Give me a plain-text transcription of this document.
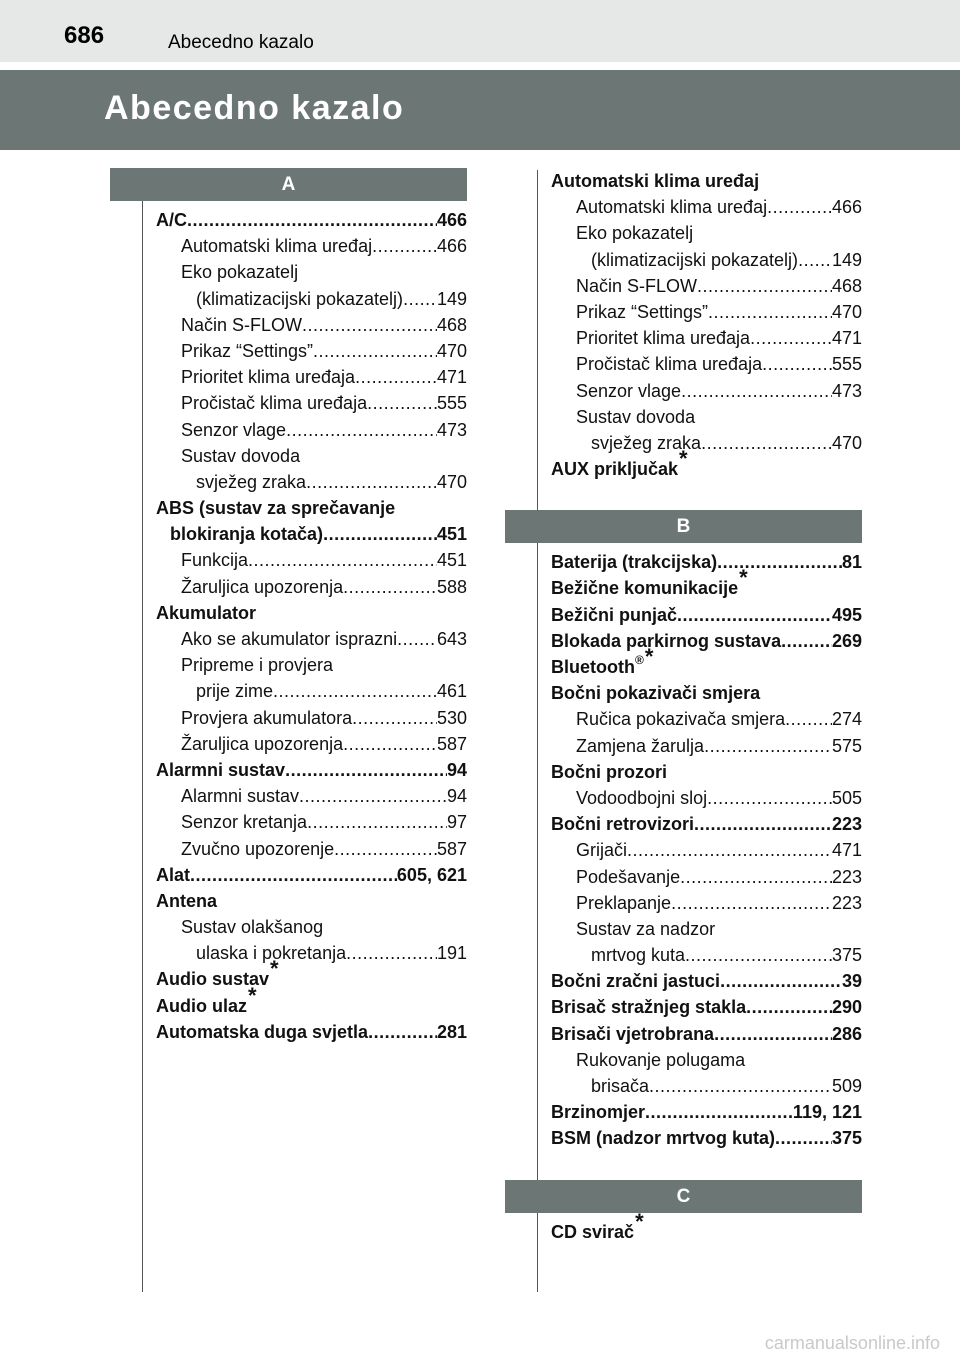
686	Abecedno kazalo
Abecedno kazalo
A
A/C .....	466
Automatski klima uređaj .....	466
Eko pokazatelj
(klimatizacijski pokazatelj) ..... 149
Način S-FLOW .....	468
Prikaz “Settings” .....	470
Prioritet klima uređaja .....	471
Pročistač klima uređaja .....	555
Senzor vlage .....	473
Sustav dovoda
svježeg zraka .....	470
ABS (sustav za sprečavanje
blokiranja kotača) .....	451
Funkcija .....	451
Žaruljica upozorenja .....	588
Akumulator
Ako se akumulator isprazni ..... 643
Pripreme i provjera
prije zime .....	461
Provjera akumulatora .....	530
Žaruljica upozorenja .....	587
Alarmni sustav .....	94
Alarmni sustav .....	94
Senzor kretanja .....	97
Zvučno upozorenje .....	587
Alat .....	605, 621
Antena
Sustav olakšanog
ulaska i pokretanja .....	191
Audio sustav*
Audio ulaz*
Automatska duga svjetla .....	281
Automatski klima uređaj
Automatski klima uređaj .....	466
Eko pokazatelj
(klimatizacijski pokazatelj) ..... 149
Način S-FLOW .....	468
Prikaz “Settings” .....	470
Prioritet klima uređaja .....	471
Pročistač klima uređaja .....	555
Senzor vlage .....	473
Sustav dovoda
svježeg zraka .....	470
AUX priključak*
B
Baterija (trakcijska) .....	81
Bežične komunikacije*
Bežični punjač .....	495
Blokada parkirnog sustava .....	269
Bluetooth®*
Bočni pokazivači smjera
Ručica pokazivača smjera .....	274
Zamjena žarulja .....	575
Bočni prozori
Vodoodbojni sloj .....	505
Bočni retrovizori .....	223
Grijači .....	471
Podešavanje .....	223
Preklapanje .....	223
Sustav za nadzor
mrtvog kuta .....	375
Bočni zračni jastuci .....	39
Brisač stražnjeg stakla .....	290
Brisači vjetrobrana .....	286
Rukovanje polugama
brisača .....	509
Brzinomjer .....	119, 121
BSM (nadzor mrtvog kuta) .....	375
C
CD svirač*
carmanualsonline.info
